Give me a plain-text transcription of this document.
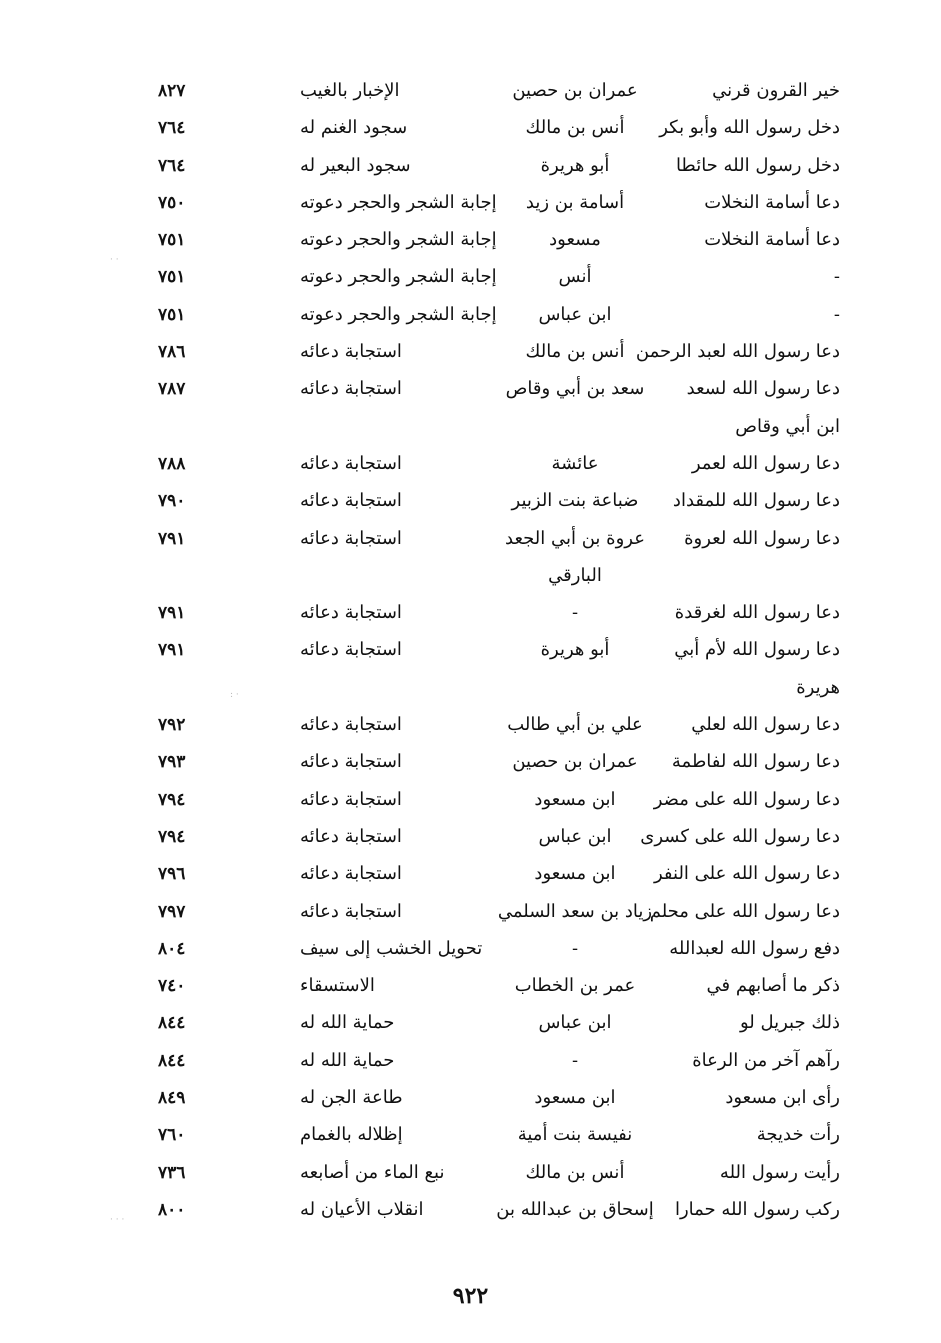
خير القرون قرني
عمران بن حصين
الإخبار بالغيب
٨٢٧
دخل رسول الله وأبو بكر
أنس بن مالك
سجود الغنم له
٧٦٤
دخل رسول الله حائطا
أبو هريرة
سجود البعير له
٧٦٤
دعا أسامة النخلات
أسامة بن زيد
إجابة الشجر والحجر دعوته
٧٥٠
دعا أسامة النخلات
مسعود
إجابة الشجر والحجر دعوته
٧٥١
-
أنس
إجابة الشجر والحجر دعوته
٧٥١
-
ابن عباس
إجابة الشجر والحجر دعوته
٧٥١
دعا رسول الله لعبد الرحمن
أنس بن مالك
استجابة دعائه
٧٨٦
دعا رسول الله لسعد
سعد بن أبي وقاص
استجابة دعائه
٧٨٧
ابن أبي وقاص
دعا رسول الله لعمر
عائشة
استجابة دعائه
٧٨٨
دعا رسول الله للمقداد
ضباعة بنت الزبير
استجابة دعائه
٧٩٠
دعا رسول الله لعروة
عروة بن أبي الجعد
استجابة دعائه
٧٩١
البارقي
دعا رسول الله لغرقدة
-
استجابة دعائه
٧٩١
دعا رسول الله لأم أبي
أبو هريرة
استجابة دعائه
٧٩١
هريرة
دعا رسول الله لعلي
علي بن أبي طالب
استجابة دعائه
٧٩٢
دعا رسول الله لفاطمة
عمران بن حصين
استجابة دعائه
٧٩٣
دعا رسول الله على مضر
ابن مسعود
استجابة دعائه
٧٩٤
دعا رسول الله على كسرى
ابن عباس
استجابة دعائه
٧٩٤
دعا رسول الله على النفر
ابن مسعود
استجابة دعائه
٧٩٦
دعا رسول الله على محلم
زياد بن سعد السلمي
استجابة دعائه
٧٩٧
دفع رسول الله لعبدالله
-
تحويل الخشب إلى سيف
٨٠٤
ذكر ما أصابهم في
عمر بن الخطاب
الاستسقاء
٧٤٠
ذلك جبريل لو
ابن عباس
حماية الله له
٨٤٤
رآهم آخر من الرعاة
-
حماية الله له
٨٤٤
رأى ابن مسعود
ابن مسعود
طاعة الجن له
٨٤٩
رأت خديجة
نفيسة بنت أمية
إظلاله بالغمام
٧٦٠
رأيت رسول الله
أنس بن مالك
نبع الماء من أصابعه
٧٣٦
ركب رسول الله حمارا
إسحاق بن عبدالله بن
انقلاب الأعيان له
٨٠٠
٩٢٢
· ·
: ·
· · ·
